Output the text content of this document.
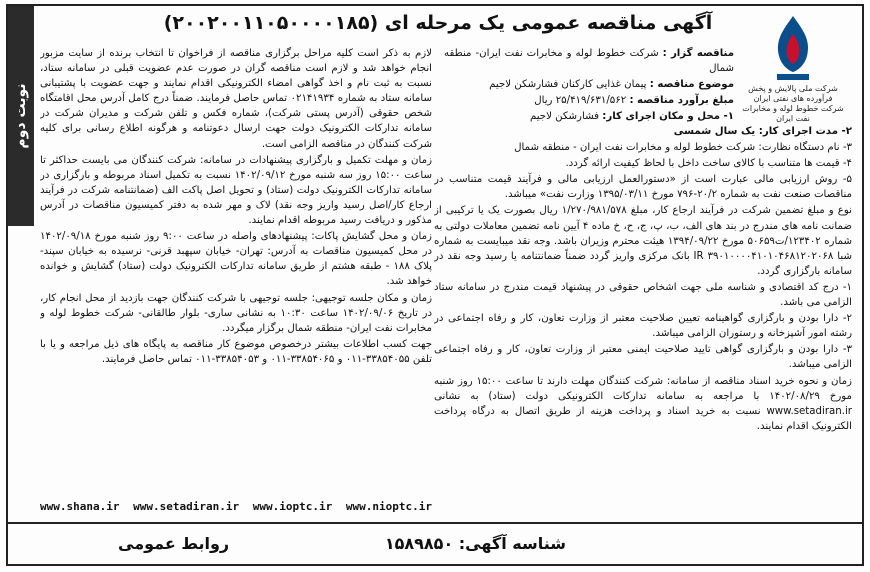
نوبت دوم
آگهی مناقصه عمومی یک مرحله ای (۲۰۰۲۰۰۱۱۰۵۰۰۰۰۱۸۵)
شرکت ملی پالایش و پخش فرآورده های نفتی ایران
شرکت خطوط لوله و مخابرات نفت ایران

مناقصه گزار : شرکت خطوط لوله و مخابرات نفت ایران- منطقه شمال

موضوع مناقصه : پیمان غذایی کارکنان فشارشکن لاجیم

مبلغ برآورد مناقصه : ۲۵/۴۱۹/۶۳۱/۵۶۲ ریال

۱- محل و مکان اجرای کار: فشارشکن لاجیم

۲- مدت اجرای کار: یک سال شمسی

۳- نام دستگاه نظارت: شرکت خطوط لوله و مخابرات نفت ایران - منطقه شمال

۴- قیمت ها متناسب با کالای ساخت داخل با لحاظ کیفیت ارائه گردد.

۵- روش ارزیابی مالی عبارت است از «دستورالعمل ارزیابی مالی و فرآیند قیمت متناسب در مناقصات صنعت نفت به شماره ۲۰/۲-۷۹۶ مورخ ۱۳۹۵/۰۳/۱۱ وزارت نفت» میباشد.

نوع و مبلغ تضمین شرکت در فرآیند ارجاع کار، مبلغ ۱/۲۷۰/۹۸۱/۵۷۸ ریال بصورت یک یا ترکیبی از ضمانت نامه های مندرج در بند های الف، ب، پ، ج، ح، خ ماده ۴ آیین نامه تضمین معاملات دولتی به شماره ۱۲۳۴۰۲/ت۵۰۶۵۹ مورخ ۱۳۹۴/۰۹/۲۲ هیئت محترم وزیران باشد. وجه نقد میبایست به شماره شبا IR ۳۹۰۱۰۰۰۰۴۱۰۱۰۴۶۸۱۲۰۲۰۶۸ بانک مرکزی واریز گردد ضمناً ضمانتنامه یا رسید وجه نقد در سامانه بارگزاری گردد.

۱- درج کد اقتصادی و شناسه ملی جهت اشخاص حقوقی در پیشنهاد قیمت مندرج در سامانه ستاد الزامی می باشد.

۲- دارا بودن و بارگزاری گواهینامه تعیین صلاحیت معتبر از وزارت تعاون، کار و رفاه اجتماعی در رشته امور آشپزخانه و رستوران الزامی میباشد.

۳- دارا بودن و بارگزاری گواهی تایید صلاحیت ایمنی معتبر از وزارت تعاون، کار و رفاه اجتماعی الزامی میباشد.

زمان و نحوه خرید اسناد مناقصه از سامانه: شرکت کنندگان مهلت دارند تا ساعت ۱۵:۰۰ روز شنبه مورخ ۱۴۰۲/۰۸/۲۹ با مراجعه به سامانه تدارکات الکترونیکی دولت (ستاد) به نشانی www.setadiran.ir نسبت به خرید اسناد و پرداخت هزینه از طریق اتصال به درگاه پرداخت الکترونیک اقدام نمایند.

لازم به ذکر است کلیه مراحل برگزاری مناقصه از فراخوان تا انتخاب برنده از سایت مزبور انجام خواهد شد و لازم است مناقصه گران در صورت عدم عضویت قبلی در سامانه ستاد، نسبت به ثبت نام و اخذ گواهی امضاء الکترونیکی اقدام نمایند و جهت عضویت با پشتیبانی سامانه ستاد به شماره ۰۲۱۴۱۹۳۴ تماس حاصل فرمایند. ضمناً درج کامل آدرس محل اقامتگاه شخص حقوقی (آدرس پستی شرکت)، شماره فکس و تلفن شرکت و مدیران شرکت در سامانه تدارکات الکترونیک دولت جهت ارسال دعوتنامه و هرگونه اطلاع رسانی برای کلیه شرکت کنندگان در مناقصه الزامی است.

زمان و مهلت تکمیل و بارگزاری پیشنهادات در سامانه: شرکت کنندگان می بایست حداکثر تا ساعت ۱۵:۰۰ روز سه شنبه مورخ ۱۴۰۲/۰۹/۱۲ نسبت به تکمیل اسناد مربوطه و بارگزاری در سامانه تدارکات الکترونیک دولت (ستاد) و تحویل اصل پاکت الف (ضمانتنامه شرکت در فرآیند ارجاع کار/اصل رسید واریز وجه نقد) لاک و مهر شده به دفتر کمیسیون مناقصات در آدرس مذکور و دریافت رسید مربوطه اقدام نمایند.

زمان و محل گشایش پاکات: پیشنهادهای واصله در ساعت ۹:۰۰ روز شنبه مورخ ۱۴۰۲/۰۹/۱۸ در محل کمیسیون مناقصات به آدرس: تهران- خیابان سپهبد قرنی- نرسیده به خیابان سپند- پلاک ۱۸۸ - طبقه هشتم از طریق سامانه تدارکات الکترونیک دولت (ستاد) گشایش و خوانده خواهد شد.

زمان و مکان جلسه توجیهی: جلسه توجیهی با شرکت کنندگان جهت بازدید از محل انجام کار، در تاریخ ۱۴۰۲/۰۹/۰۶ ساعت ۱۰:۳۰ به نشانی ساری- بلوار طالقانی- شرکت خطوط لوله و مخابرات نفت ایران- منطقه شمال برگزار میگردد.

جهت کسب اطلاعات بیشتر درخصوص موضوع کار مناقصه به پایگاه های ذیل مراجعه و یا با تلفن ۳۳۸۵۴۰۵۵-۰۱۱ و ۳۳۸۵۴۰۶۵-۰۱۱ و ۳۳۸۵۴۰۵۳-۰۱۱ تماس حاصل فرمایند.

www.shana.ir www.setadiran.ir www.ioptc.ir www.nioptc.ir
شناسه آگهی: ۱۵۸۹۸۵۰
روابط عمومی
